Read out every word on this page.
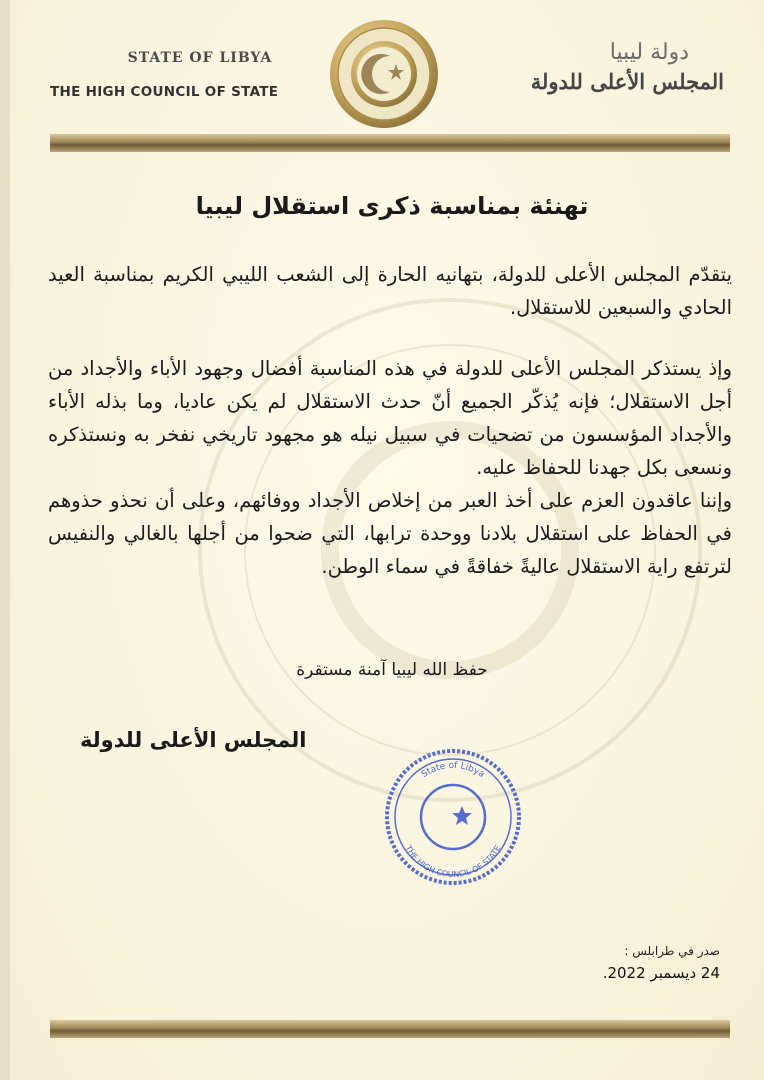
STATE OF LIBYA
THE HIGH COUNCIL OF STATE
دولة ليبيا
المجلس الأعلى للدولة
تهنئة بمناسبة ذكرى استقلال ليبيا

يتقدّم المجلس الأعلى للدولة، بتهانيه الحارة إلى الشعب الليبي الكريم بمناسبة العيد الحادي والسبعين للاستقلال.

وإذ يستذكر المجلس الأعلى للدولة في هذه المناسبة أفضال وجهود الأباء والأجداد من أجل الاستقلال؛ فإنه يُذكّر الجميع أنّ حدث الاستقلال لم يكن عاديا، وما بذله الأباء والأجداد المؤسسون من تضحيات في سبيل نيله هو مجهود تاريخي نفخر به ونستذكره ونسعى بكل جهدنا للحفاظ عليه.

وإننا عاقدون العزم على أخذ العبر من إخلاص الأجداد ووفائهم، وعلى أن نحذو حذوهم في الحفاظ على استقلال بلادنا ووحدة ترابها، التي ضحوا من أجلها بالغالي والنفيس لترتفع راية الاستقلال عاليةً خفاقةً في سماء الوطن.

حفظ الله ليبيا آمنة مستقرة
المجلس الأعلى للدولة
State of Libya
THE HIGH COUNCIL OF STATE
صدر في طرابلس :
24 ديسمبر 2022.
